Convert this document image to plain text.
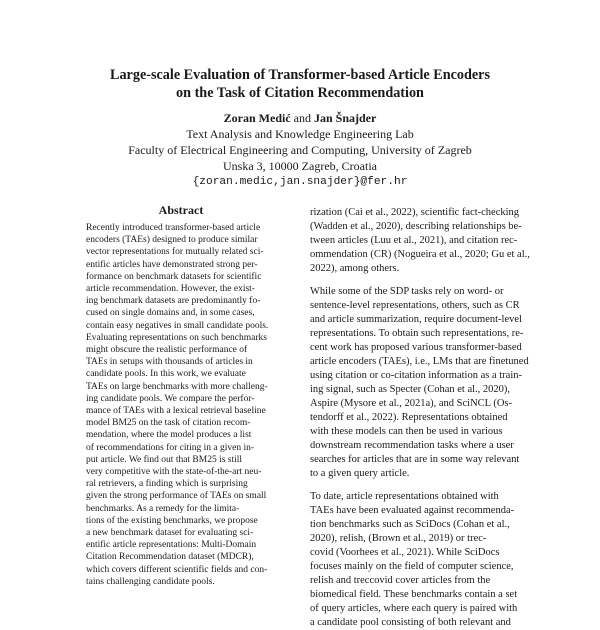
Large-scale Evaluation of Transformer-based Article Encoders
on the Task of Citation Recommendation
Zoran Medić and Jan Šnajder
Text Analysis and Knowledge Engineering Lab
Faculty of Electrical Engineering and Computing, University of Zagreb
Unska 3, 10000 Zagreb, Croatia
{zoran.medic,jan.snajder}@fer.hr
Abstract
Recently introduced transformer-based article
encoders (TAEs) designed to produce similar
vector representations for mutually related sci-
entific articles have demonstrated strong per-
formance on benchmark datasets for scientific
article recommendation. However, the exist-
ing benchmark datasets are predominantly fo-
cused on single domains and, in some cases,
contain easy negatives in small candidate pools.
Evaluating representations on such benchmarks
might obscure the realistic performance of
TAEs in setups with thousands of articles in
candidate pools. In this work, we evaluate
TAEs on large benchmarks with more challeng-
ing candidate pools. We compare the perfor-
mance of TAEs with a lexical retrieval baseline
model BM25 on the task of citation recom-
mendation, where the model produces a list
of recommendations for citing in a given in-
put article. We find out that BM25 is still
very competitive with the state-of-the-art neu-
ral retrievers, a finding which is surprising
given the strong performance of TAEs on small
benchmarks. As a remedy for the limita-
tions of the existing benchmarks, we propose
a new benchmark dataset for evaluating sci-
entific article representations: Multi-Domain
Citation Recommendation dataset (MDCR),
which covers different scientific fields and con-
tains challenging candidate pools.
rization (Cai et al., 2022), scientific fact-checking
(Wadden et al., 2020), describing relationships be-
tween articles (Luu et al., 2021), and citation rec-
ommendation (CR) (Nogueira et al., 2020; Gu et al.,
2022), among others.
While some of the SDP tasks rely on word- or
sentence-level representations, others, such as CR
and article summarization, require document-level
representations. To obtain such representations, re-
cent work has proposed various transformer-based
article encoders (TAEs), i.e., LMs that are finetuned
using citation or co-citation information as a train-
ing signal, such as Specter (Cohan et al., 2020),
Aspire (Mysore et al., 2021a), and SciNCL (Os-
tendorff et al., 2022). Representations obtained
with these models can then be used in various
downstream recommendation tasks where a user
searches for articles that are in some way relevant
to a given query article.
To date, article representations obtained with
TAEs have been evaluated against recommenda-
tion benchmarks such as SciDocs (Cohan et al.,
2020), relish, (Brown et al., 2019) or trec-
covid (Voorhees et al., 2021). While SciDocs
focuses mainly on the field of computer science,
relish and treccovid cover articles from the
biomedical field. These benchmarks contain a set
of query articles, where each query is paired with
a candidate pool consisting of both relevant and
